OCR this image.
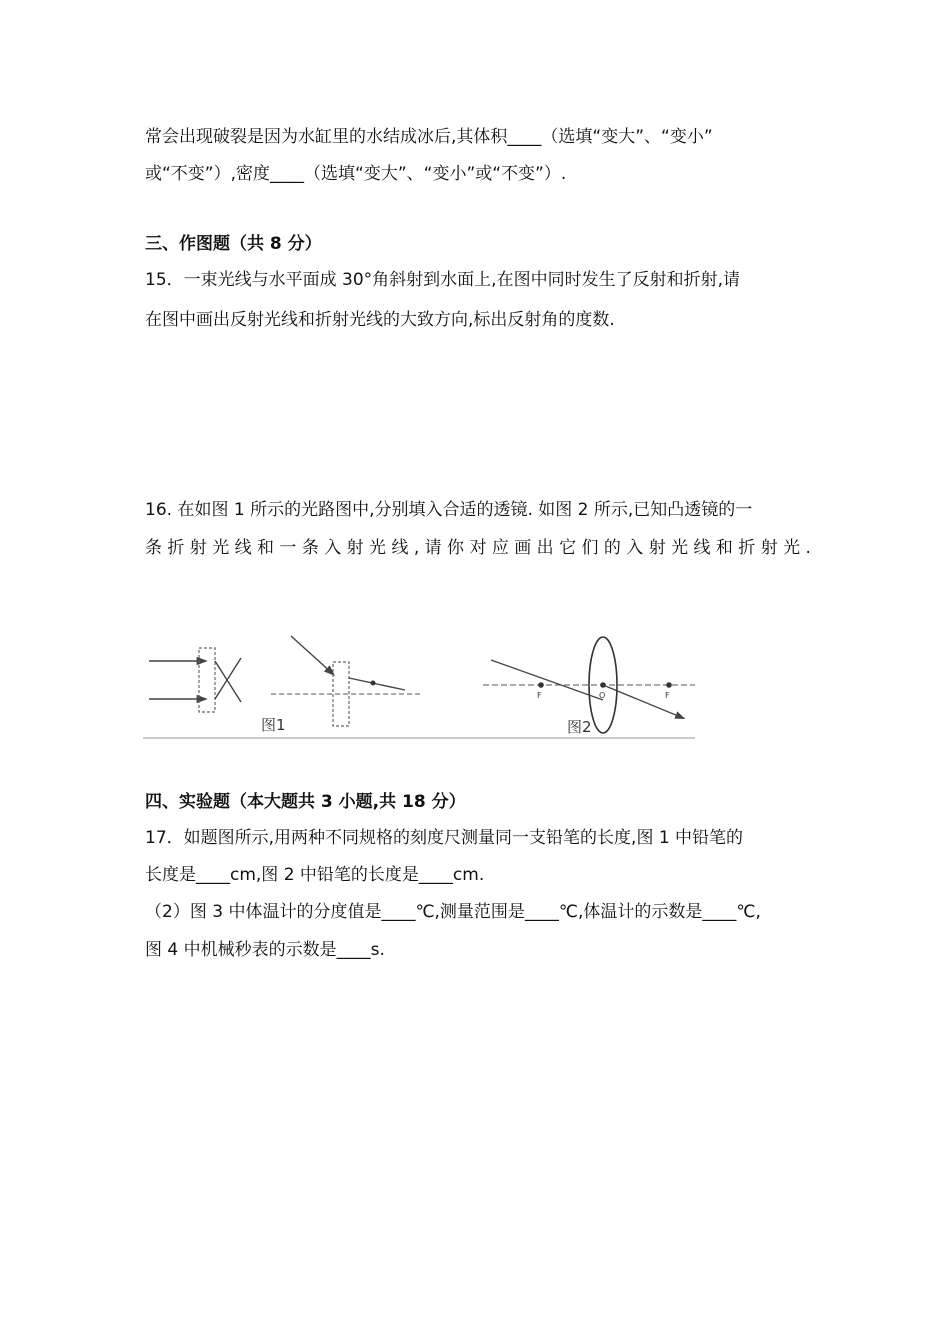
常会出现破裂是因为水缸里的水结成冰后,其体积____（选填“变大”、“变小”
或“不变”）,密度____（选填“变大”、“变小”或“不变”）.
三、作图题（共 8 分）
15．一束光线与水平面成 30°角斜射到水面上,在图中同时发生了反射和折射,请
在图中画出反射光线和折射光线的大致方向,标出反射角的度数.
16. 在如图 1 所示的光路图中,分别填入合适的透镜. 如图 2 所示,已知凸透镜的一
条 折 射 光 线 和 一 条 入 射 光 线 , 请 你 对 应 画 出 它 们 的 入 射 光 线 和 折 射 光 .
图1
F	O	F
图2
四、实验题（本大题共 3 小题,共 18 分）
17．如题图所示,用两种不同规格的刻度尺测量同一支铅笔的长度,图 1 中铅笔的
长度是____cm,图 2 中铅笔的长度是____cm.
（2）图 3 中体温计的分度值是____℃,测量范围是____℃,体温计的示数是____℃,
图 4 中机械秒表的示数是____s.
